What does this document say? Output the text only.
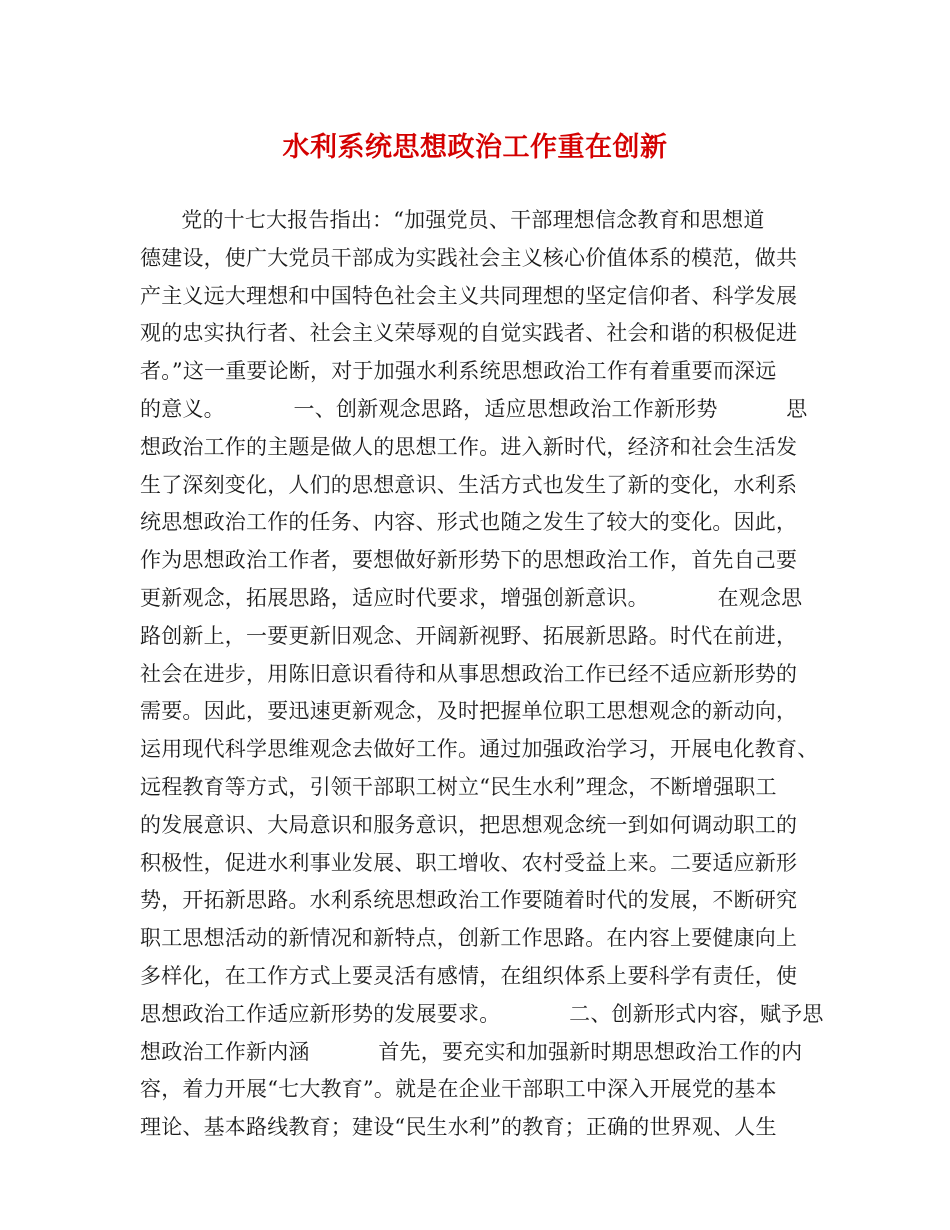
水利系统思想政治工作重在创新
党的十七大报告指出：“加强党员、干部理想信念教育和思想道
德建设，使广大党员干部成为实践社会主义核心价值体系的模范，做共
产主义远大理想和中国特色社会主义共同理想的坚定信仰者、科学发展
观的忠实执行者、社会主义荣辱观的自觉实践者、社会和谐的积极促进
者。”这一重要论断，对于加强水利系统思想政治工作有着重要而深远
的意义。          一、创新观念思路，适应思想政治工作新形势          思
想政治工作的主题是做人的思想工作。进入新时代，经济和社会生活发
生了深刻变化，人们的思想意识、生活方式也发生了新的变化，水利系
统思想政治工作的任务、内容、形式也随之发生了较大的变化。因此，
作为思想政治工作者，要想做好新形势下的思想政治工作，首先自己要
更新观念，拓展思路，适应时代要求，增强创新意识。          在观念思
路创新上，一要更新旧观念、开阔新视野、拓展新思路。时代在前进，
社会在进步，用陈旧意识看待和从事思想政治工作已经不适应新形势的
需要。因此，要迅速更新观念，及时把握单位职工思想观念的新动向，
运用现代科学思维观念去做好工作。通过加强政治学习，开展电化教育、
远程教育等方式，引领干部职工树立“民生水利”理念，不断增强职工
的发展意识、大局意识和服务意识，把思想观念统一到如何调动职工的
积极性，促进水利事业发展、职工增收、农村受益上来。二要适应新形
势，开拓新思路。水利系统思想政治工作要随着时代的发展，不断研究
职工思想活动的新情况和新特点，创新工作思路。在内容上要健康向上
多样化，在工作方式上要灵活有感情，在组织体系上要科学有责任，使
思想政治工作适应新形势的发展要求。          二、创新形式内容，赋予思
想政治工作新内涵          首先，要充实和加强新时期思想政治工作的内
容，着力开展“七大教育”。就是在企业干部职工中深入开展党的基本
理论、基本路线教育；建设“民生水利”的教育；正确的世界观、人生
